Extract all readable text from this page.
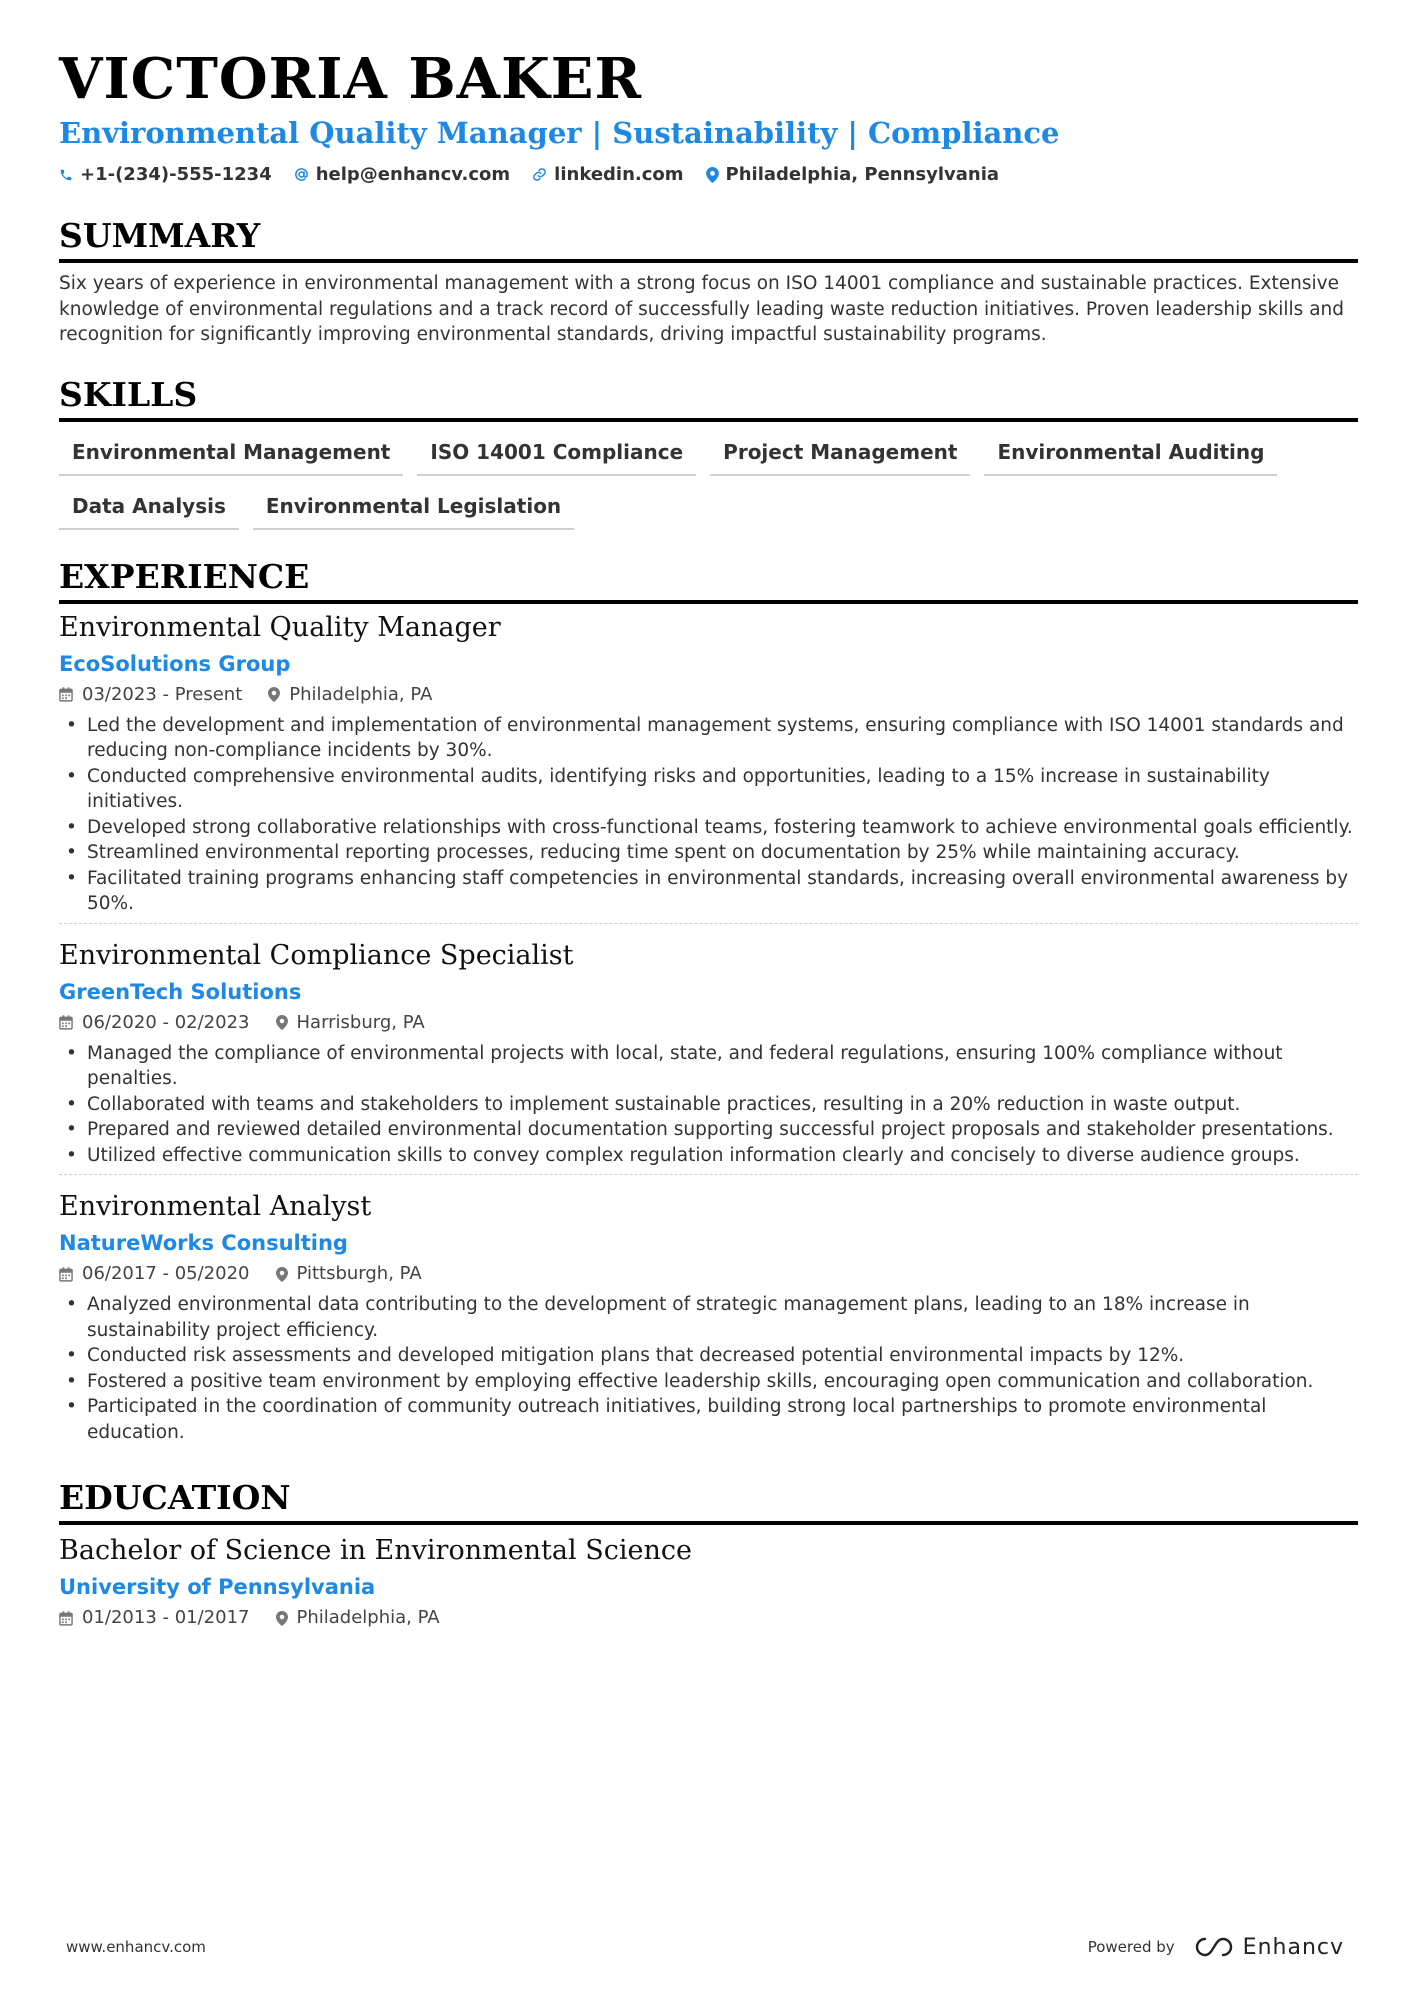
VICTORIA BAKER
Environmental Quality Manager | Sustainability | Compliance
+1-(234)-555-1234 help@enhancv.com linkedin.com Philadelphia, Pennsylvania
SUMMARY
Six years of experience in environmental management with a strong focus on ISO 14001 compliance and sustainable practices. Extensive knowledge of environmental regulations and a track record of successfully leading waste reduction initiatives. Proven leadership skills and recognition for significantly improving environmental standards, driving impactful sustainability programs.
SKILLS
Environmental Management	ISO 14001 Compliance	Project Management	Environmental Auditing
Data Analysis	Environmental Legislation
EXPERIENCE
Environmental Quality Manager
EcoSolutions Group
03/2023 - Present	Philadelphia, PA
• Led the development and implementation of environmental management systems, ensuring compliance with ISO 14001 standards and reducing non-compliance incidents by 30%.
• Conducted comprehensive environmental audits, identifying risks and opportunities, leading to a 15% increase in sustainability initiatives.
• Developed strong collaborative relationships with cross-functional teams, fostering teamwork to achieve environmental goals efficiently.
• Streamlined environmental reporting processes, reducing time spent on documentation by 25% while maintaining accuracy.
• Facilitated training programs enhancing staff competencies in environmental standards, increasing overall environmental awareness by 50%.
Environmental Compliance Specialist
GreenTech Solutions
06/2020 - 02/2023	Harrisburg, PA
• Managed the compliance of environmental projects with local, state, and federal regulations, ensuring 100% compliance without penalties.
• Collaborated with teams and stakeholders to implement sustainable practices, resulting in a 20% reduction in waste output.
• Prepared and reviewed detailed environmental documentation supporting successful project proposals and stakeholder presentations.
• Utilized effective communication skills to convey complex regulation information clearly and concisely to diverse audience groups.
Environmental Analyst
NatureWorks Consulting
06/2017 - 05/2020	Pittsburgh, PA
• Analyzed environmental data contributing to the development of strategic management plans, leading to an 18% increase in sustainability project efficiency.
• Conducted risk assessments and developed mitigation plans that decreased potential environmental impacts by 12%.
• Fostered a positive team environment by employing effective leadership skills, encouraging open communication and collaboration.
• Participated in the coordination of community outreach initiatives, building strong local partnerships to promote environmental education.
EDUCATION
Bachelor of Science in Environmental Science
University of Pennsylvania
01/2013 - 01/2017	Philadelphia, PA
www.enhancv.com	Powered by	Enhancv
